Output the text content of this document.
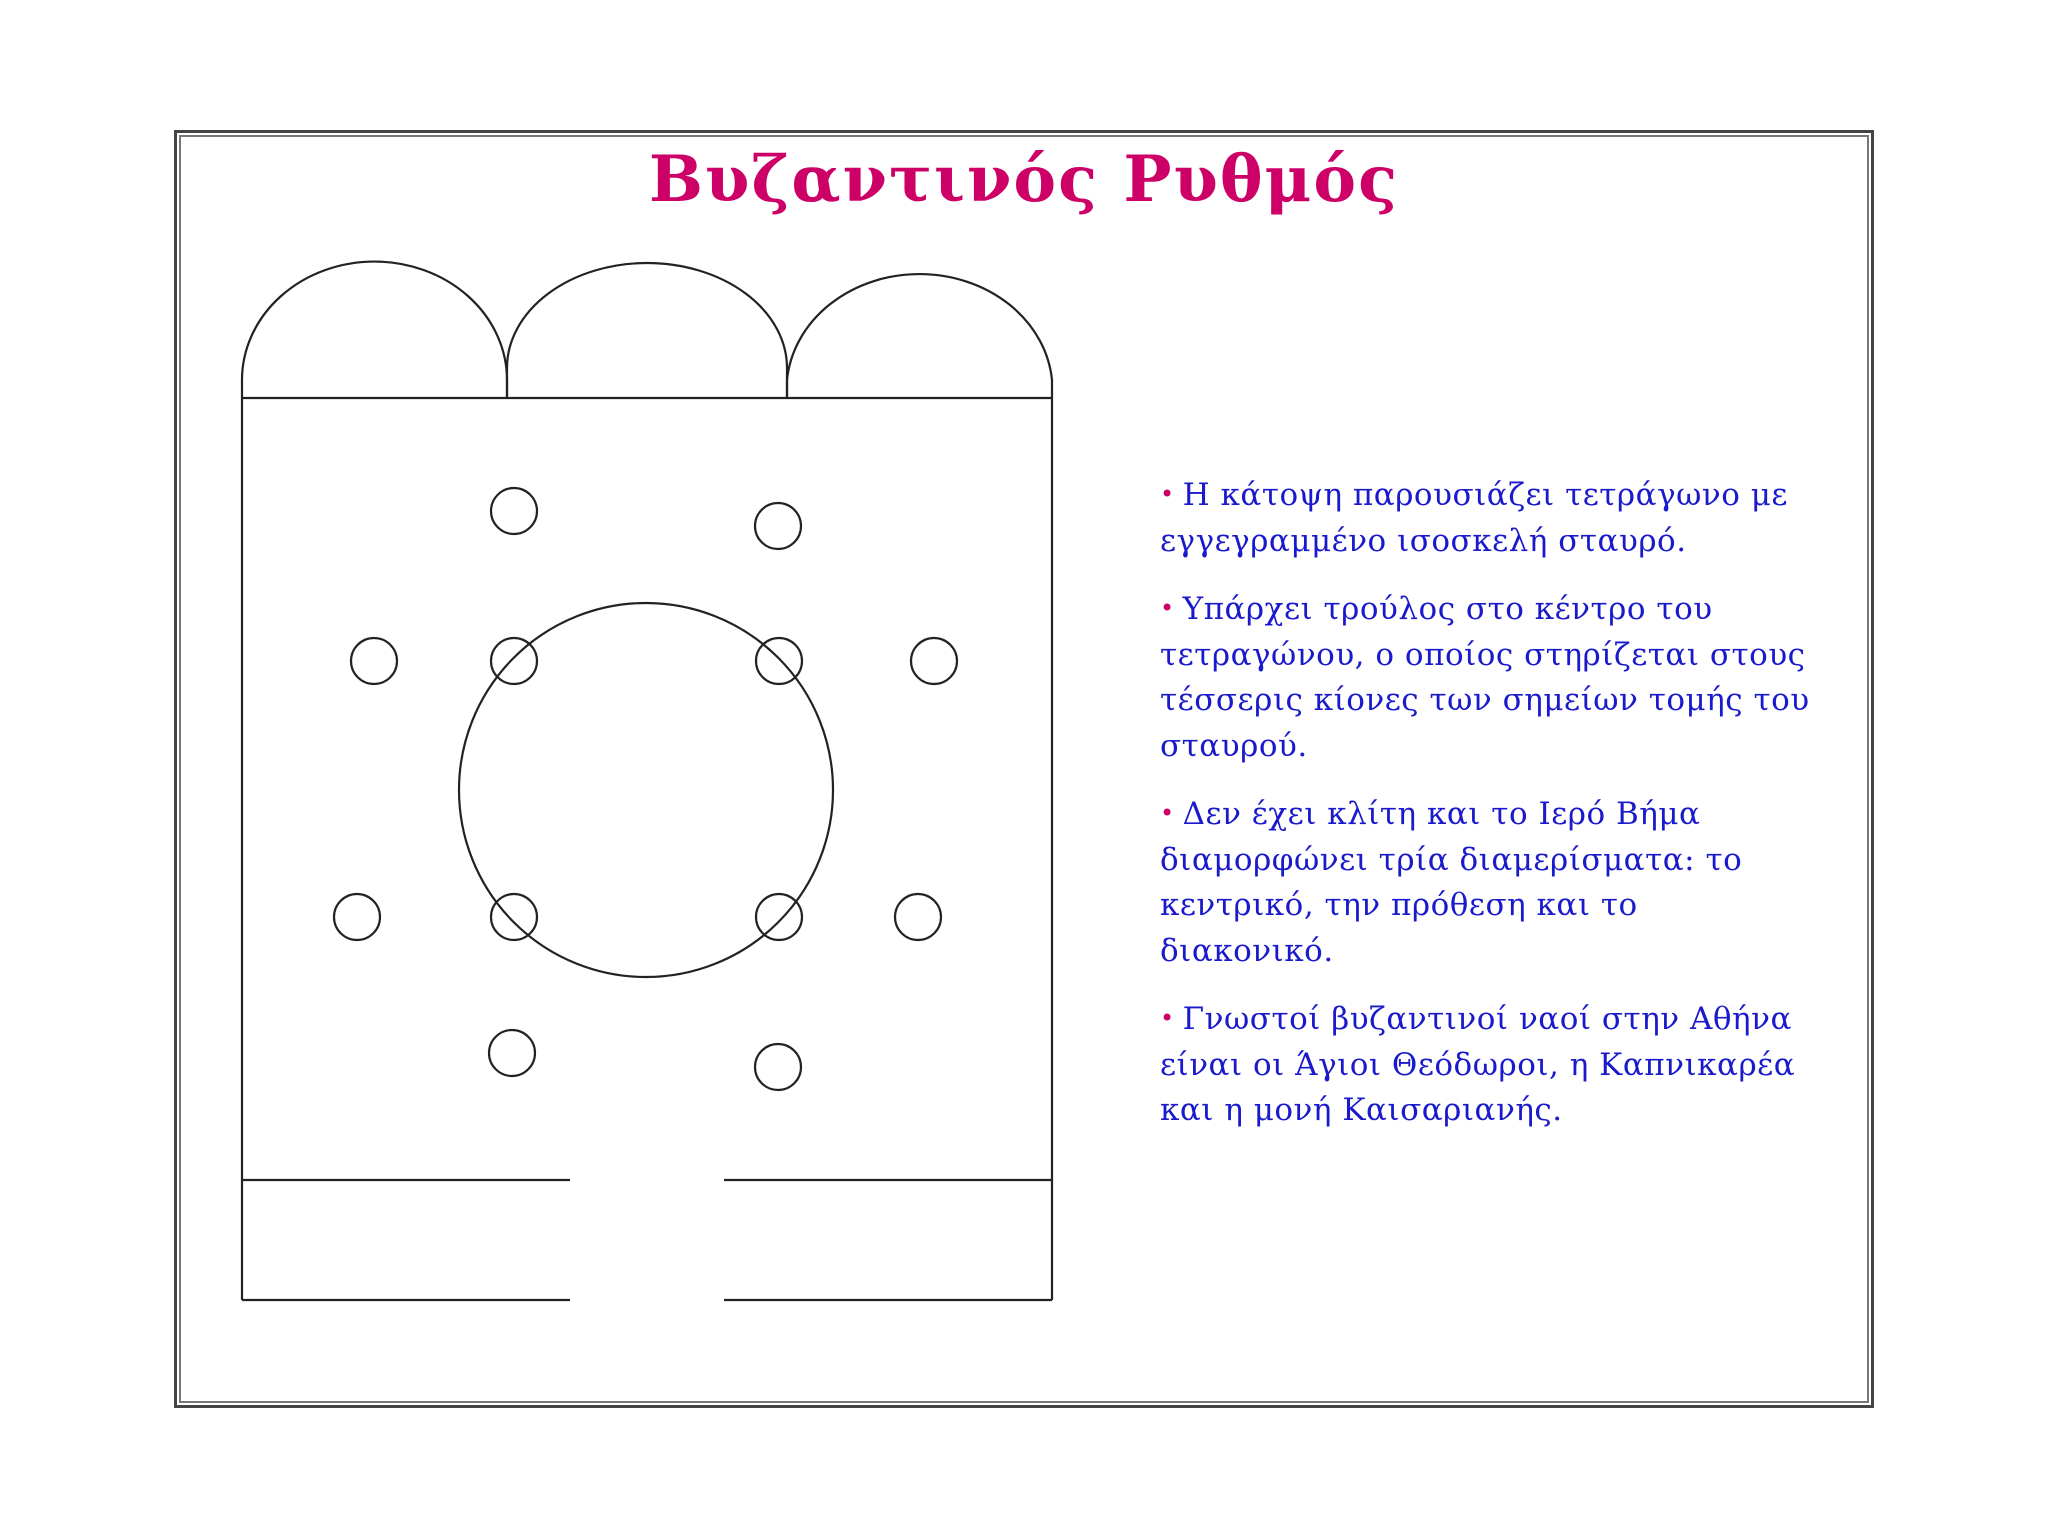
Βυζαντινός Ρυθμός
• Η κάτοψη παρουσιάζει τετράγωνο με εγγεγραμμένο ισοσκελή σταυρό.
• Υπάρχει τρούλος στο κέντρο του τετραγώνου, ο οποίος στηρίζεται στους τέσσερις κίονες των σημείων τομής του σταυρού.
• Δεν έχει κλίτη και το Ιερό Βήμα διαμορφώνει τρία διαμερίσματα: το κεντρικό, την πρόθεση και το διακονικό.
• Γνωστοί βυζαντινοί ναοί στην Αθήνα είναι οι Άγιοι Θεόδωροι, η Καπνικαρέα και η μονή Καισαριανής.
